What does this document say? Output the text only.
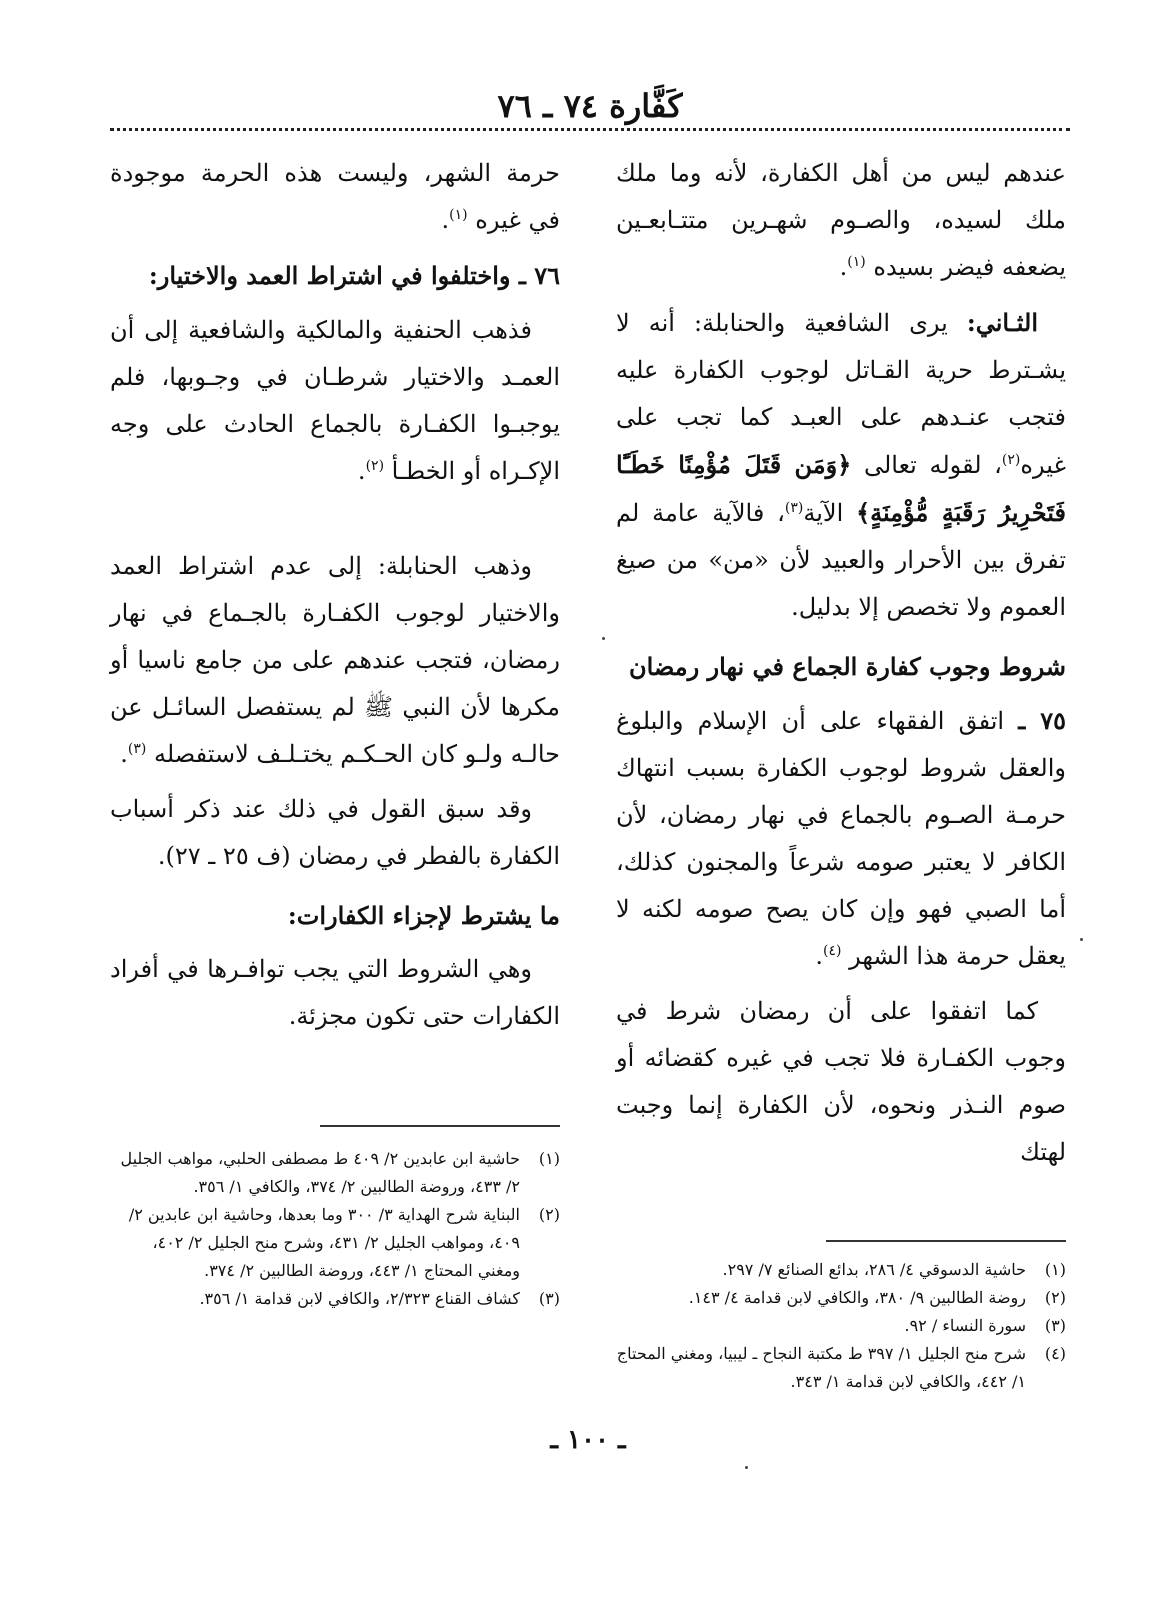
كَفَّارة ٧٤ ـ ٧٦

عندهم ليس من أهل الكفارة، لأنه وما ملك ملك لسيده، والصـوم شهـرين متتـابعـين يضعفه فيضر بسيده $^{(١)}$.

الثـاني: يرى الشافعية والحنابلة: أنه لا يشـترط حرية القـاتل لوجوب الكفارة عليه فتجب عنـدهم على العبـد كما تجب على غيره$^{(٢)}$، لقوله تعالى ﴿وَمَن قَتَلَ مُؤْمِنًا خَطَـًٔا فَتَحْرِيرُ رَقَبَةٍ مُّؤْمِنَةٍ﴾ الآية$^{(٣)}$، فالآية عامة لم تفرق بين الأحرار والعبيد لأن «من» من صيغ العموم ولا تخصص إلا بدليل.

شروط وجوب كفارة الجماع في نهار رمضان

٧٥ ـ اتفق الفقهاء على أن الإسلام والبلوغ والعقل شروط لوجوب الكفارة بسبب انتهاك حرمـة الصـوم بالجماع في نهار رمضان، لأن الكافر لا يعتبر صومه شرعاً والمجنون كذلك، أما الصبي فهو وإن كان يصح صومه لكنه لا يعقل حرمة هذا الشهر $^{(٤)}$.

كما اتفقوا على أن رمضان شرط في وجوب الكفـارة فلا تجب في غيره كقضائه أو صوم النـذر ونحوه، لأن الكفارة إنما وجبت لهتك

حرمة الشهر، وليست هذه الحرمة موجودة في غيره $^{(١)}$.

٧٦ ـ واختلفوا في اشتراط العمد والاختيار:

فذهب الحنفية والمالكية والشافعية إلى أن العمـد والاختيار شرطـان في وجـوبها، فلم يوجبـوا الكفـارة بالجماع الحادث على وجه الإكـراه أو الخطـأ $^{(٢)}$.

وذهب الحنابلة: إلى عدم اشتراط العمد والاختيار لوجوب الكفـارة بالجـماع في نهار رمضان، فتجب عندهم على من جامع ناسيا أو مكرها لأن النبي ﷺ لم يستفصل السائـل عن حالـه ولـو كان الحـكـم يختـلـف لاستفصله $^{(٣)}$.

وقد سبق القول في ذلك عند ذكر أسباب الكفارة بالفطر في رمضان (ف ٢٥ ـ ٢٧).

ما يشترط لإجزاء الكفارات:

وهي الشروط التي يجب توافـرها في أفراد الكفارات حتى تكون مجزئة.

(١)حاشية الدسوقي ٤/ ٢٨٦، بدائع الصنائع ٧/ ٢٩٧.

(٢)روضة الطالبين ٩/ ٣٨٠، والكافي لابن قدامة ٤/ ١٤٣.

(٣)سورة النساء / ٩٢.

(٤)شرح منح الجليل ١/ ٣٩٧ ط مكتبة النجاح ـ ليبيا، ومغني المحتاج ١/ ٤٤٢، والكافي لابن قدامة ١/ ٣٤٣.

(١)حاشية ابن عابدين ٢/ ٤٠٩ ط مصطفى الحلبي، مواهب الجليل ٢/ ٤٣٣، وروضة الطالبين ٢/ ٣٧٤، والكافي ١/ ٣٥٦.

(٢)البناية شرح الهداية ٣/ ٣٠٠ وما بعدها، وحاشية ابن عابدين ٢/ ٤٠٩، ومواهب الجليل ٢/ ٤٣١، وشرح منح الجليل ٢/ ٤٠٢، ومغني المحتاج ١/ ٤٤٣، وروضة الطالبين ٢/ ٣٧٤.

(٣)كشاف القناع ٢/٣٢٣، والكافي لابن قدامة ١/ ٣٥٦.

ـ ١٠٠ ـ
